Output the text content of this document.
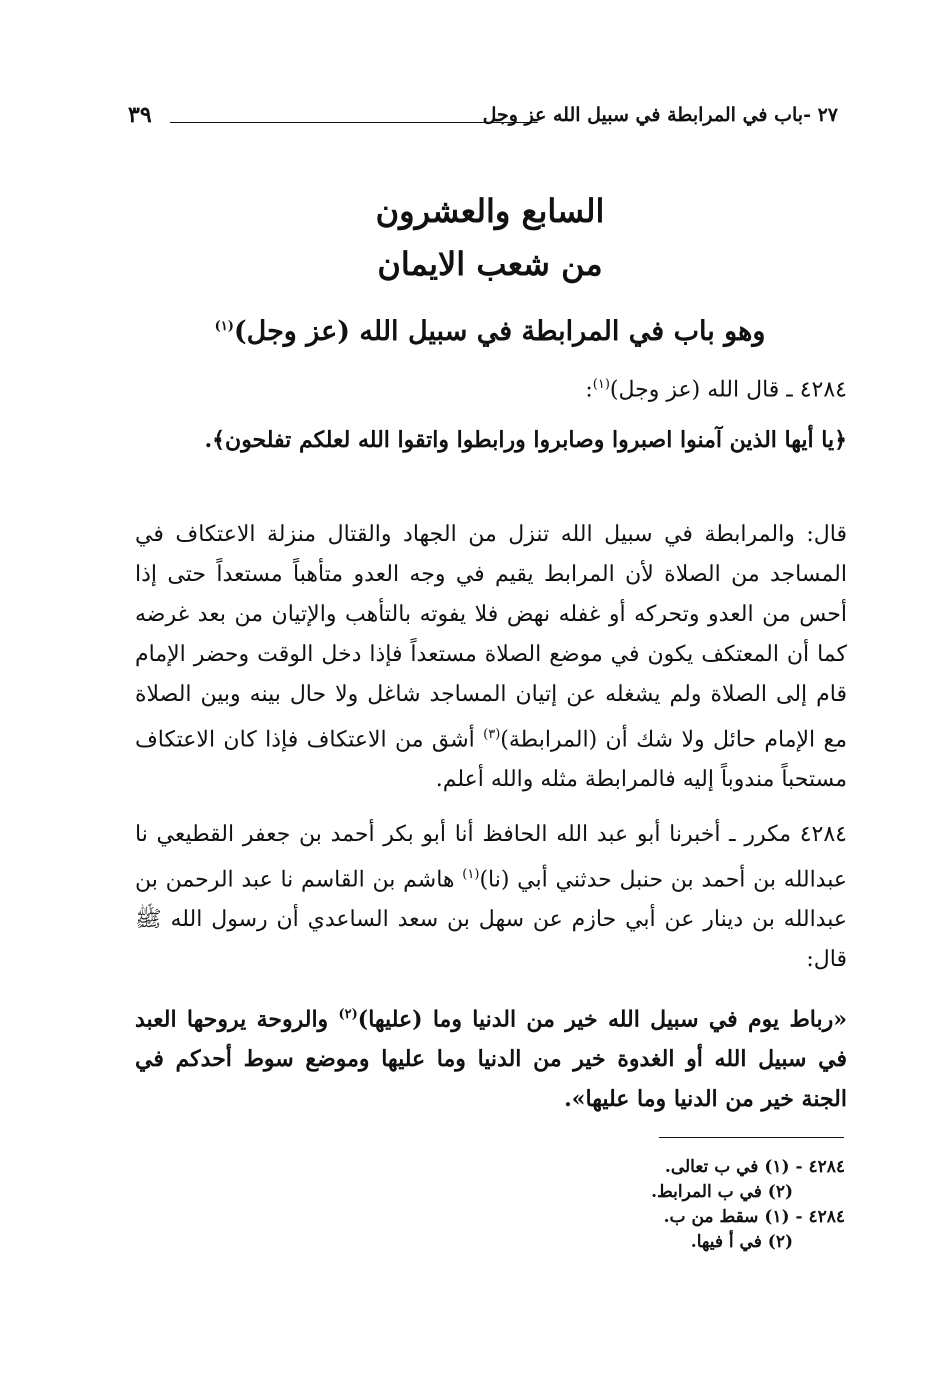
٢٧ -باب في المرابطة في سبيل الله عز وجل
٣٩
السابع والعشرون
من شعب الايمان
وهو باب في المرابطة في سبيل الله (عز وجل)$^{(١)}$
٤٢٨٤ ـ قال الله (عز وجل)$^{(١)}$:
﴿يا أيها الذين آمنوا اصبروا وصابروا ورابطوا واتقوا الله لعلكم تفلحون﴾.
قال: والمرابطة في سبيل الله تنزل من الجهاد والقتال منزلة الاعتكاف في المساجد من الصلاة لأن المرابط يقيم في وجه العدو متأهباً مستعداً حتى إذا أحس من العدو وتحركه أو غفله نهض فلا يفوته بالتأهب والإتيان من بعد غرضه كما أن المعتكف يكون في موضع الصلاة مستعداً فإذا دخل الوقت وحضر الإمام قام إلى الصلاة ولم يشغله عن إتيان المساجد شاغل ولا حال بينه وبين الصلاة مع الإمام حائل ولا شك أن (المرابطة)$^{(٣)}$ أشق من الاعتكاف فإذا كان الاعتكاف مستحباً مندوباً إليه فالمرابطة مثله والله أعلم.
٤٢٨٤ مكرر ـ أخبرنا أبو عبد الله الحافظ أنا أبو بكر أحمد بن جعفر القطيعي نا عبدالله بن أحمد بن حنبل حدثني أبي (نا)$^{(١)}$ هاشم بن القاسم نا عبد الرحمن بن عبدالله بن دينار عن أبي حازم عن سهل بن سعد الساعدي أن رسول الله ﷺ قال:
«رباط يوم في سبيل الله خير من الدنيا وما (عليها)$^{(٢)}$ والروحة يروحها العبد في سبيل الله أو الغدوة خير من الدنيا وما عليها وموضع سوط أحدكم في الجنة خير من الدنيا وما عليها».
٤٢٨٤ - (١) في ب تعالى.
(٢) في ب المرابط.
٤٢٨٤ - (١) سقط من ب.
(٢) في أ فيها.
